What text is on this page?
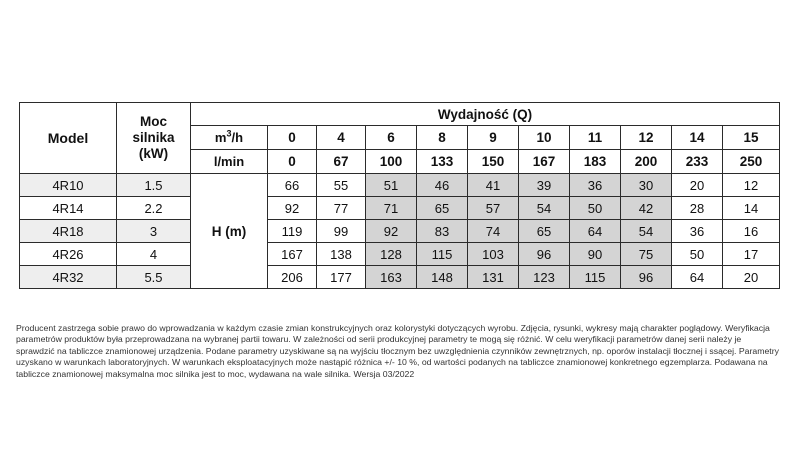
Model	Moc
silnika
(kW)	Wydajność (Q)										
		$m^3/h$	0	4	6	8	9	10	11	12	14	15
		l/min	0	67	100	133	150	167	183	200	233	250
4R10	1.5	H (m)	66	55	51	46	41	39	36	30	20	12
4R14	2.2		92	77	71	65	57	54	50	42	28	14
4R18	3		119	99	92	83	74	65	64	54	36	16
4R26	4		167	138	128	115	103	96	90	75	50	17
4R32	5.5		206	177	163	148	131	123	115	96	64	20

Producent zastrzega sobie prawo do wprowadzania w każdym czasie zmian konstrukcyjnych oraz kolorystyki dotyczących wyrobu. Zdjęcia, rysunki, wykresy mają charakter poglądowy. Weryfikacja parametrów produktów była przeprowadzana na wybranej partii towaru. W zależności od serii produkcyjnej parametry te mogą się różnić. W celu weryfikacji parametrów danej serii należy je sprawdzić na tabliczce znamionowej urządzenia. Podane parametry uzyskiwane są na wyjściu tłocznym bez uwzględnienia czynników zewnętrznych, np. oporów instalacji tłocznej i ssącej. Parametry uzyskano w warunkach laboratoryjnych. W warunkach eksploatacyjnych może nastąpić różnica +/- 10 %, od wartości podanych na tabliczce znamionowej konkretnego egzemplarza. Podawana na tabliczce znamionowej maksymalna moc silnika jest to moc, wydawana na wale silnika. Wersja 03/2022
